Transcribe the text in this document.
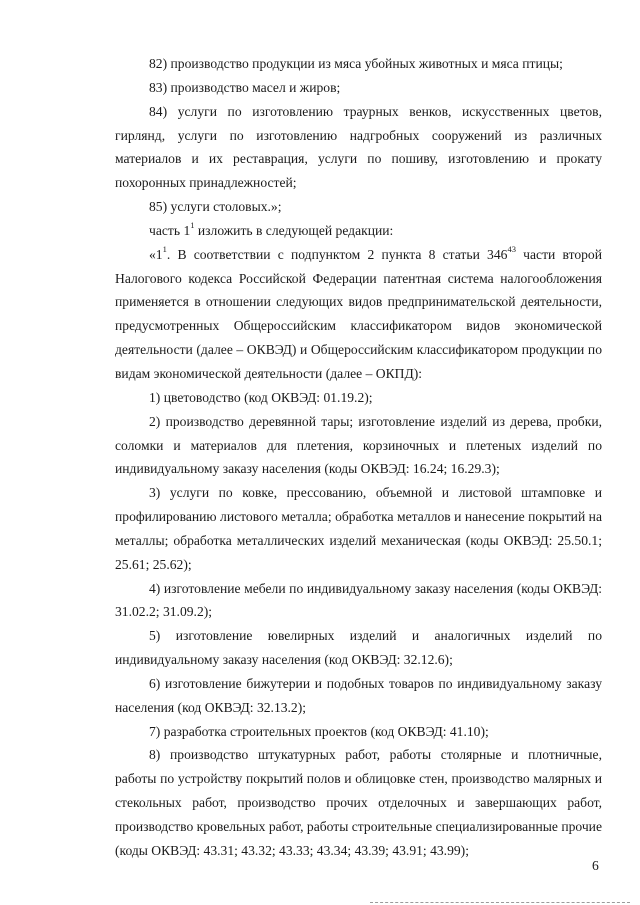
82) производство продукции из мяса убойных животных и мяса птицы;

83) производство масел и жиров;

84) услуги по изготовлению траурных венков, искусственных цветов, гирлянд, услуги по изготовлению надгробных сооружений из различных материалов и их реставрация, услуги по пошиву, изготовлению и прокату похоронных принадлежностей;

85) услуги столовых.»;

часть $1^1$ изложить в следующей редакции:

«$1^1$. В соответствии с подпунктом 2 пункта 8 статьи $346^{43}$ части второй Налогового кодекса Российской Федерации патентная система налогообложения применяется в отношении следующих видов предпринимательской деятельности, предусмотренных Общероссийским классификатором видов экономической деятельности (далее – ОКВЭД) и Общероссийским классификатором продукции по видам экономической деятельности (далее – ОКПД):

1) цветоводство (код ОКВЭД: 01.19.2);

2) производство деревянной тары; изготовление изделий из дерева, пробки, соломки и материалов для плетения, корзиночных и плетеных изделий по индивидуальному заказу населения (коды ОКВЭД: 16.24; 16.29.3);

3) услуги по ковке, прессованию, объемной и листовой штамповке и профилированию листового металла; обработка металлов и нанесение покрытий на металлы; обработка металлических изделий механическая (коды ОКВЭД: 25.50.1; 25.61; 25.62);

4) изготовление мебели по индивидуальному заказу населения (коды ОКВЭД: 31.02.2; 31.09.2);

5) изготовление ювелирных изделий и аналогичных изделий по индивидуальному заказу населения (код ОКВЭД: 32.12.6);

6) изготовление бижутерии и подобных товаров по индивидуальному заказу населения (код ОКВЭД: 32.13.2);

7) разработка строительных проектов (код ОКВЭД: 41.10);

8) производство штукатурных работ, работы столярные и плотничные, работы по устройству покрытий полов и облицовке стен, производство малярных и стекольных работ, производство прочих отделочных и завершающих работ, производство кровельных работ, работы строительные специализированные прочие (коды ОКВЭД: 43.31; 43.32; 43.33; 43.34; 43.39; 43.91; 43.99);

6
